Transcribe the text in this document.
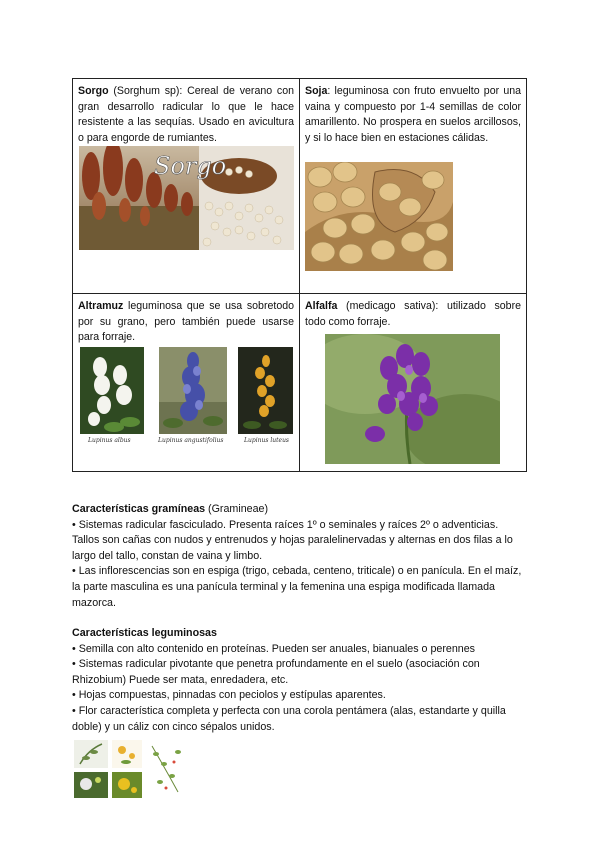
Sorgo (Sorghum sp): Cereal de verano con gran desarrollo radicular lo que le hace resistente a las sequías. Usado en avicultura o para engorde de rumiantes.
Soja: leguminosa con fruto envuelto por una vaina y compuesto por 1-4 semillas de color amarillento. No prospera en suelos arcillosos, y si lo hace bien en estaciones cálidas.
Altramuz leguminosa que se usa sobretodo por su grano, pero también puede usarse para forraje.
Alfalfa (medicago sativa): utilizado sobre todo como forraje.
Sorgo
Lupinus albus	Lupinus angustifolius	Lupinus luteus

Características gramíneas (Gramineae)

• Sistemas radicular fasciculado. Presenta raíces 1º o seminales y raíces 2º o adventicias. Tallos son cañas con nudos y entrenudos y hojas paralelinervadas y alternas en dos filas a lo largo del tallo, constan de vaina y limbo.

• Las inflorescencias son en espiga (trigo, cebada, centeno, triticale) o en panícula. En el maíz, la parte masculina es una panícula terminal y la femenina una espiga modificada llamada mazorca.

Características leguminosas

• Semilla con alto contenido en proteínas. Pueden ser anuales, bianuales o perennes

• Sistemas radicular pivotante que penetra profundamente en el suelo (asociación con Rhizobium) Puede ser mata, enredadera, etc.

• Hojas compuestas, pinnadas con peciolos y estípulas aparentes.

• Flor característica completa y perfecta con una corola pentámera (alas, estandarte y quilla doble) y un cáliz con cinco sépalos unidos.
